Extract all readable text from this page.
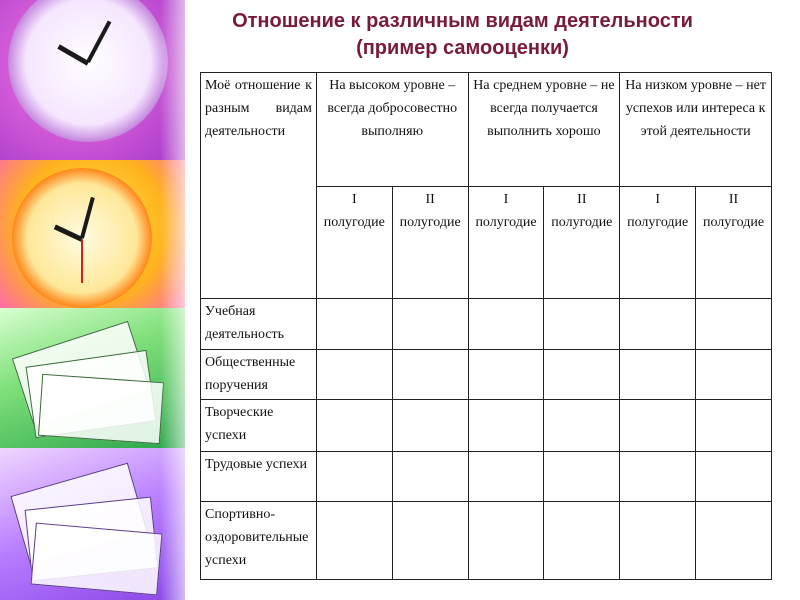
Отношение к различным видам деятельности (пример самооценки)
Моё отношение к разным видам деятельности	На высоком уровне – всегда добросовестно выполняю		На среднем уровне – не всегда получается выполнить хорошо		На низком уровне – нет успехов или интереса к этой деятельности	
	I полугодие	II полугодие	I полугодие	II полугодие	I полугодие	II полугодие
Учебная деятельность						
Общественные поручения						
Творческие успехи						
Трудовые успехи						
Спортивно-оздоровительные успехи						
